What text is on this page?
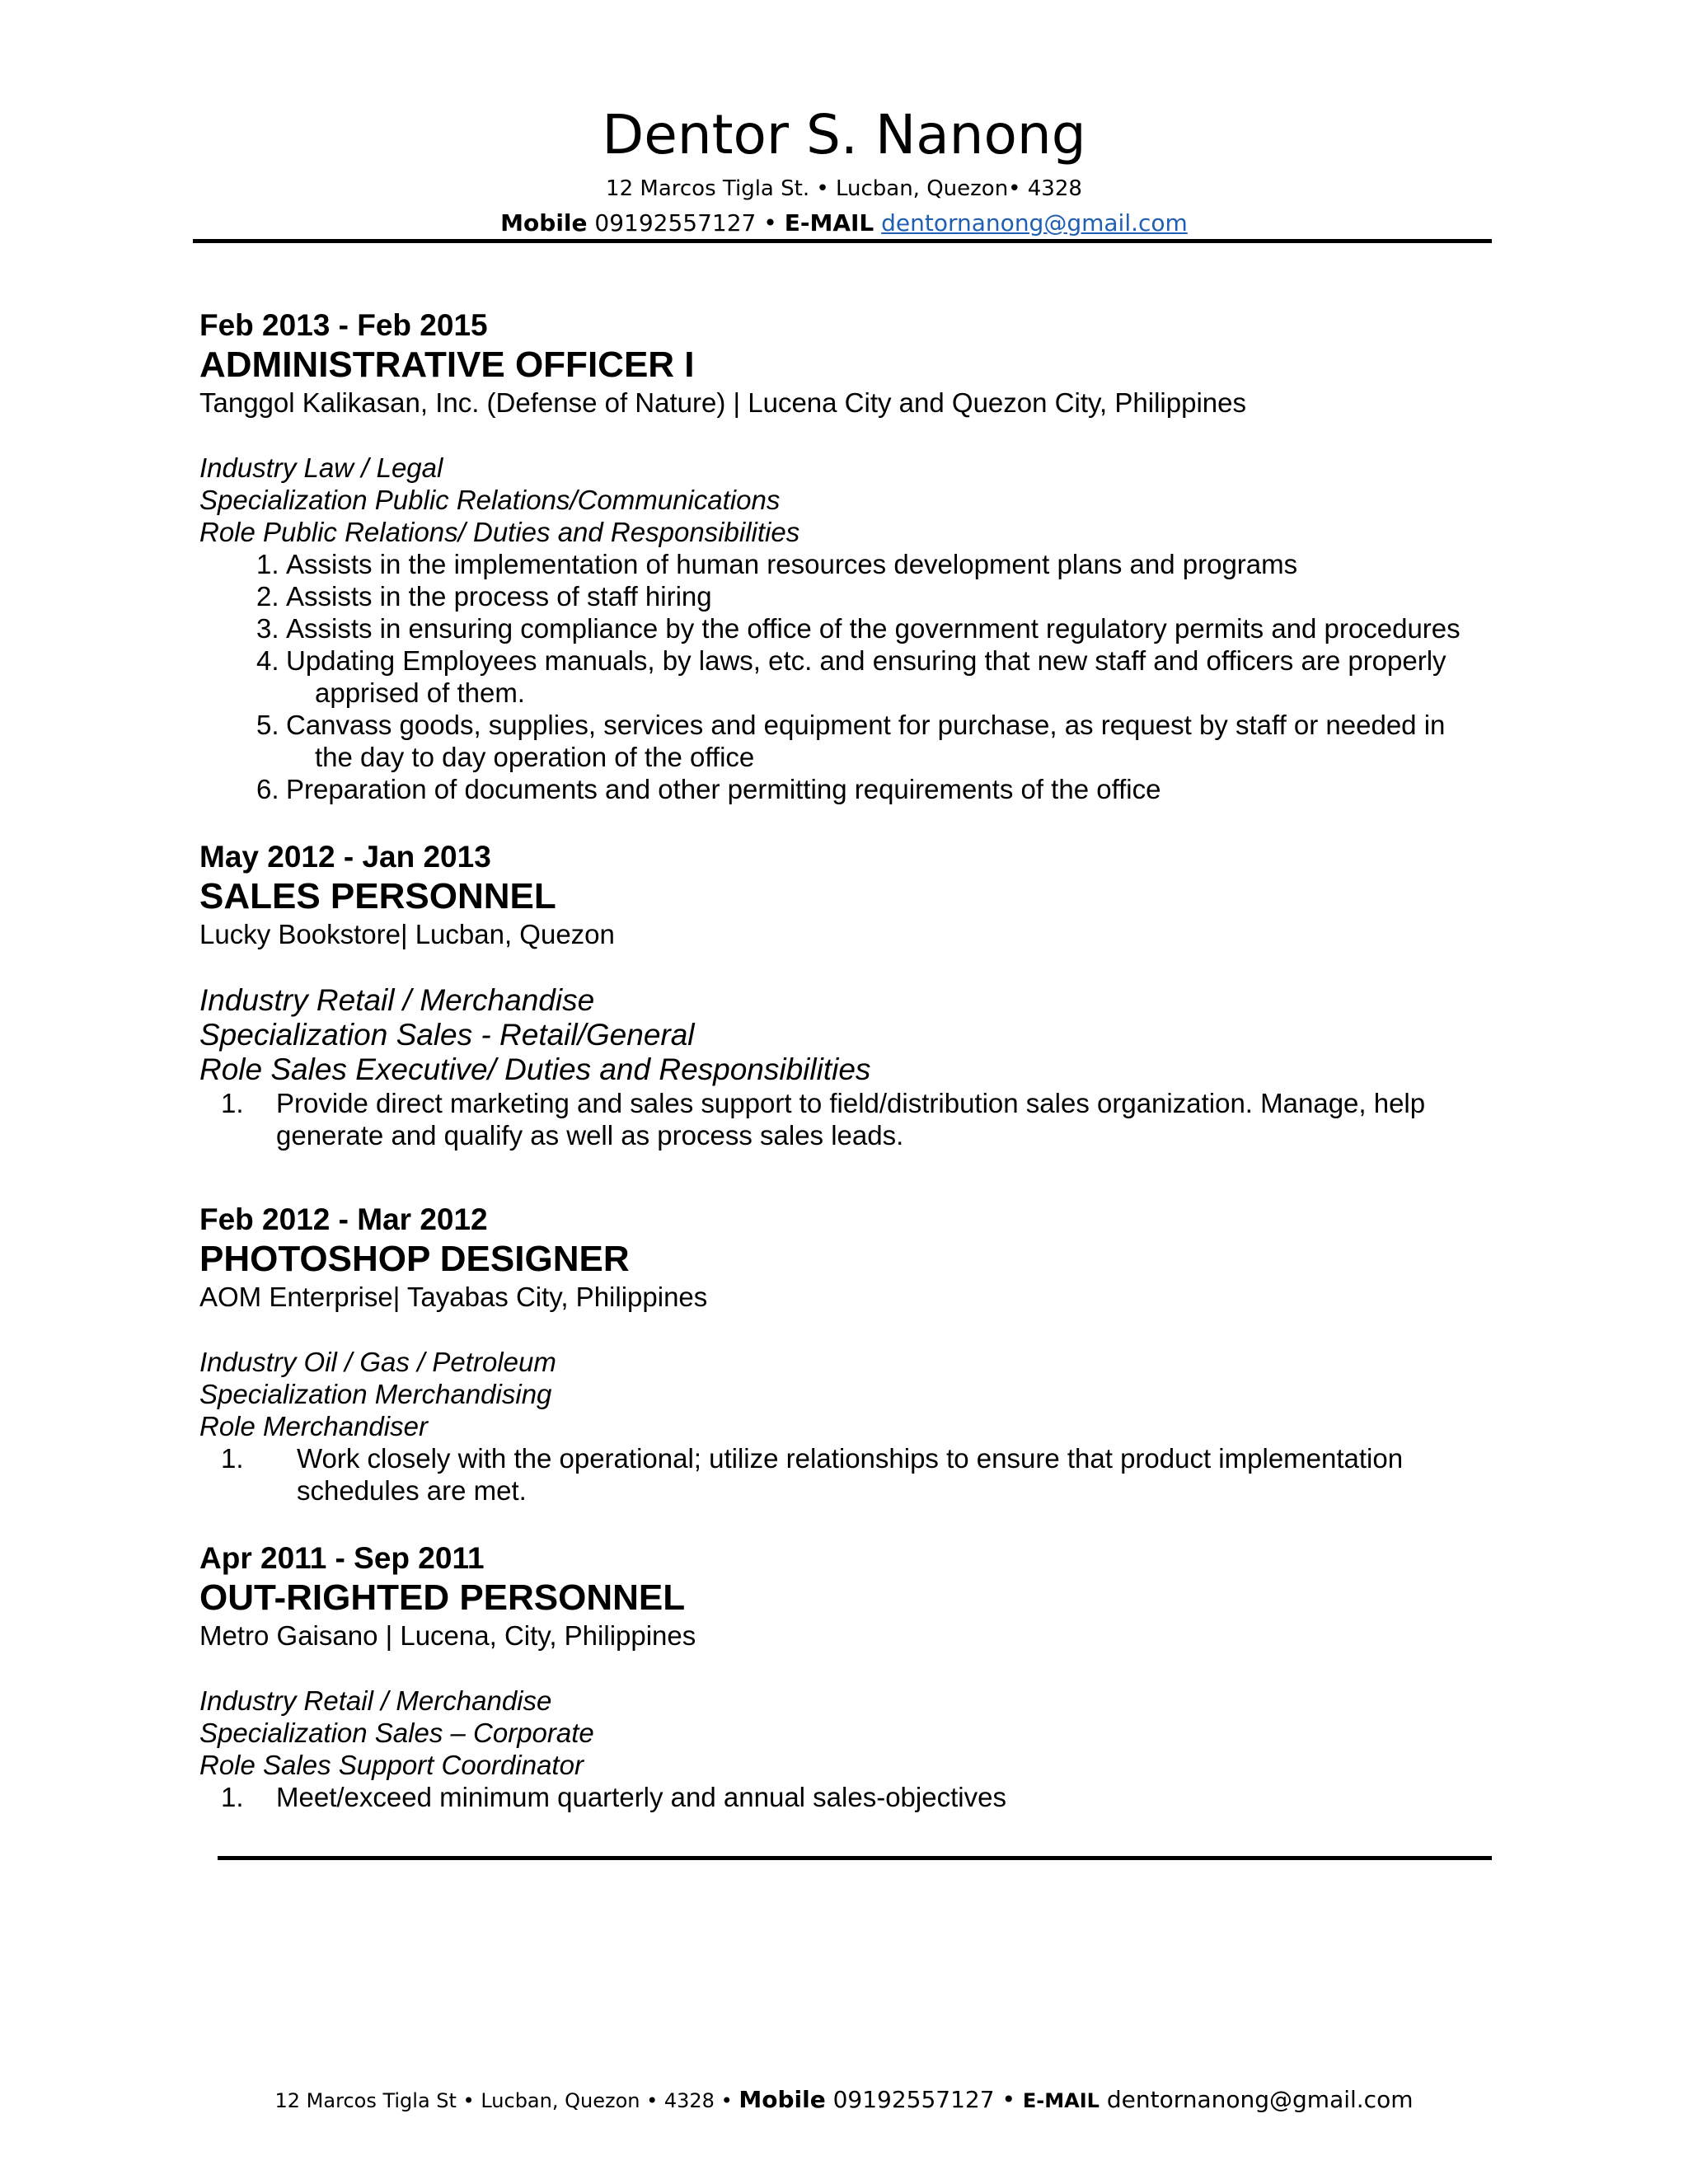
Dentor S. Nanong
12 Marcos Tigla St. • Lucban, Quezon• 4328
Mobile 09192557127 • E-MAIL dentornanong@gmail.com
Feb 2013 - Feb 2015
ADMINISTRATIVE OFFICER I
Tanggol Kalikasan, Inc. (Defense of Nature) | Lucena City and Quezon City, Philippines
Industry Law / Legal
Specialization Public Relations/Communications
Role Public Relations/ Duties and Responsibilities
1. Assists in the implementation of human resources development plans and programs
2. Assists in the process of staff hiring
3. Assists in ensuring compliance by the office of the government regulatory permits and procedures
4. Updating Employees manuals, by laws, etc. and ensuring that new staff and officers are properly
apprised of them.
5. Canvass goods, supplies, services and equipment for purchase, as request by staff or needed in
the day to day operation of the office
6. Preparation of documents and other permitting requirements of the office
May 2012 - Jan 2013
SALES PERSONNEL
Lucky Bookstore| Lucban, Quezon
Industry Retail / Merchandise
Specialization Sales - Retail/General
Role Sales Executive/ Duties and Responsibilities
1. Provide direct marketing and sales support to field/distribution sales organization. Manage, help
generate and qualify as well as process sales leads.
Feb 2012 - Mar 2012
PHOTOSHOP DESIGNER
AOM Enterprise| Tayabas City, Philippines
Industry Oil / Gas / Petroleum
Specialization Merchandising
Role Merchandiser
1. Work closely with the operational; utilize relationships to ensure that product implementation
schedules are met.
Apr 2011 - Sep 2011
OUT-RIGHTED PERSONNEL
Metro Gaisano | Lucena, City, Philippines
Industry Retail / Merchandise
Specialization Sales – Corporate
Role Sales Support Coordinator
1. Meet/exceed minimum quarterly and annual sales-objectives
12 Marcos Tigla St • Lucban, Quezon • 4328 • Mobile 09192557127 • E-MAIL dentornanong@gmail.com
